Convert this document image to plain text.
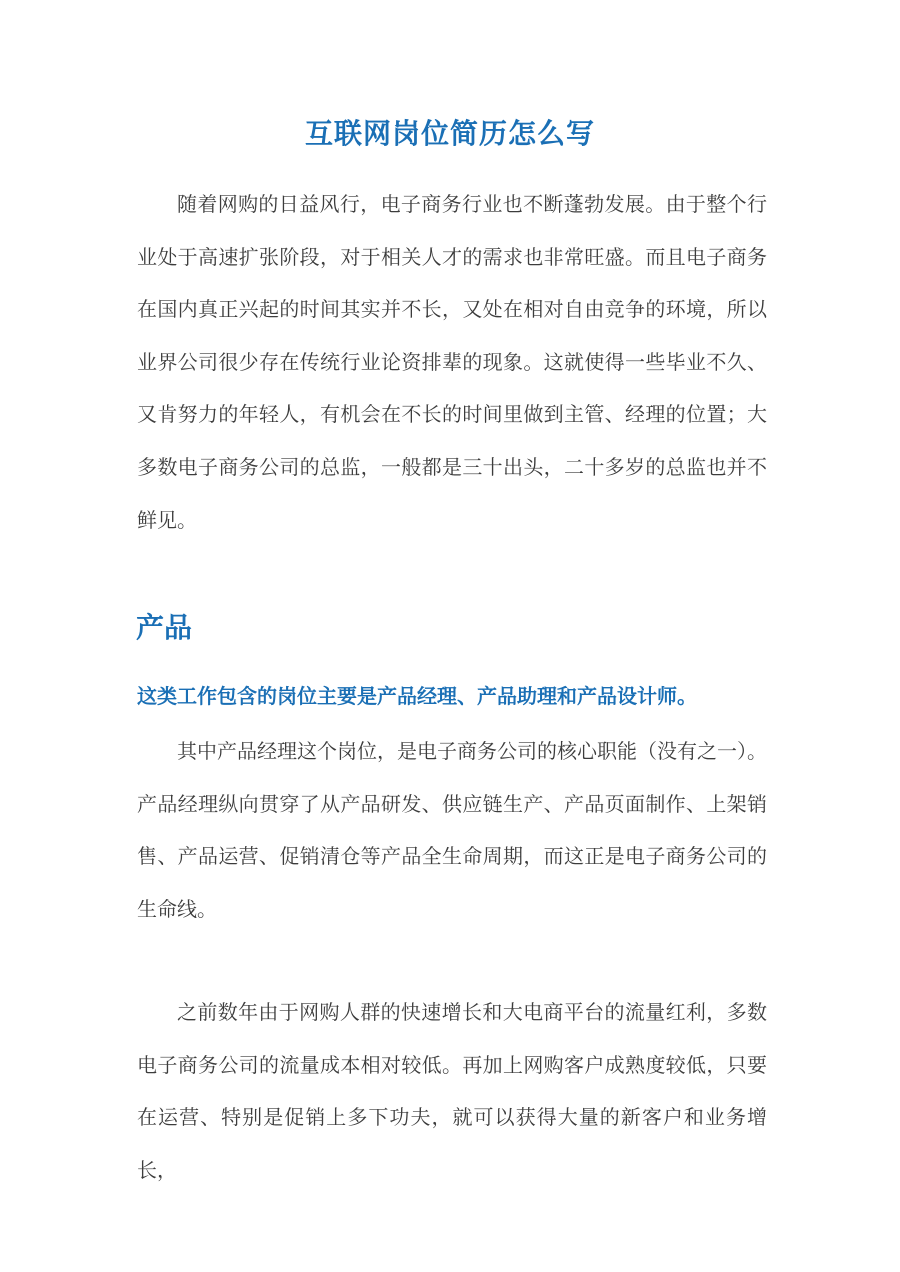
互联网岗位简历怎么写

随着网购的日益风行，电子商务行业也不断蓬勃发展。由于整个行业处于高速扩张阶段，对于相关人才的需求也非常旺盛。而且电子商务在国内真正兴起的时间其实并不长，又处在相对自由竞争的环境，所以业界公司很少存在传统行业论资排辈的现象。这就使得一些毕业不久、又肯努力的年轻人，有机会在不长的时间里做到主管、经理的位置；大多数电子商务公司的总监，一般都是三十出头，二十多岁的总监也并不鲜见。

产品
这类工作包含的岗位主要是产品经理、产品助理和产品设计师。

其中产品经理这个岗位，是电子商务公司的核心职能（没有之一）。产品经理纵向贯穿了从产品研发、供应链生产、产品页面制作、上架销售、产品运营、促销清仓等产品全生命周期，而这正是电子商务公司的生命线。

之前数年由于网购人群的快速增长和大电商平台的流量红利，多数电子商务公司的流量成本相对较低。再加上网购客户成熟度较低，只要在运营、特别是促销上多下功夫，就可以获得大量的新客户和业务增长，
